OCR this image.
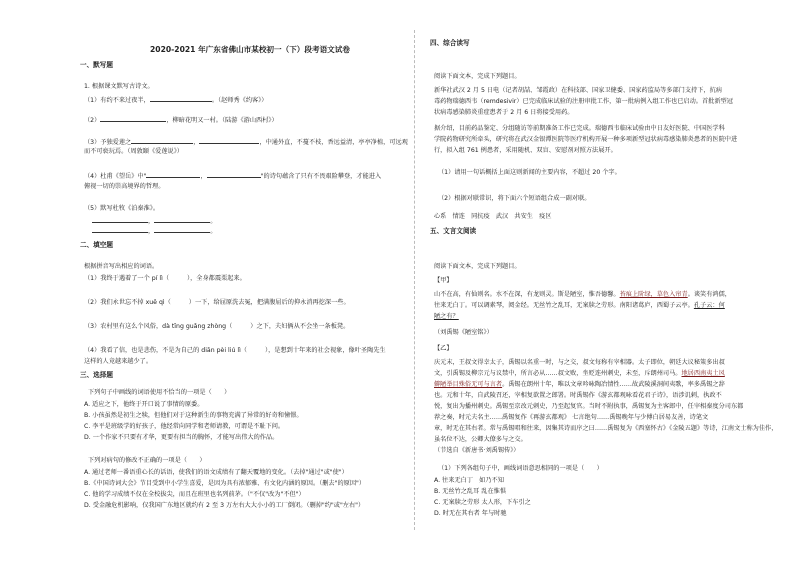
2020-2021 年广东省佛山市某校初一（下）段考语文试卷
一、默写题
1. 根据课文默写古诗文。
（1）有约不来过夜半，	。（赵师秀《约客》）
（2）	，柳暗花明又一村。（陆游《游山西村》）
（3）予独爱莲之	，	，中通外直，不蔓不枝，香远益清，亭亭净植，可远观
而不可亵玩焉。（周敦颐《爱莲说》）
（4）杜甫《望岳》中"	，	"的诗句蕴含了只有不畏艰险攀登，才能进入
俯视一切的崇高境界的哲理。
（5）默写杜牧《泊秦淮》。
，	。
，	。
二、填空题
根据拼音写出相应的词语。
（1）我终于遇着了一个 pí lì（	），全身都震栗起来。
（2）我们永世忘不掉 xuě qì（	）一下，给屈原洗去冤，把满腹屈后的抑永消再挖深一些。
（3）农村里有这么个风俗，dà tīng guǎng zhòng（	）之下，夫妇俩从不会坐一条板凳。
（4）我看了信，也是悲伤，不是为自己的 diān pèi liú lì（	），是想到十年来的社会视象，像叶圣陶先生
这样的人竟越来越少了。
三、选择题
下列句子中画线的词语使用不恰当的一项是（　　）
A. 适应之下，他终于开口说了事情的原委。
B. 小孩虽然是初生之犊，但他们对于这种新生的事物充满了异常的好奇和憧憬。
C. 李平是班级学的好孩子，他经常向同学和老师请教，可谓是不耻下问。
D. 一个作家不只要有才华，更要有担当的胸怀，才能写出伟大的作品。
下列对病句的修改不正确的一项是（　　）
A. 通过老师一番语重心长的话语，使我们的语文成绩有了翻天覆地的变化。（去掉"通过"或"使"）
B.《中国诗词大会》节目受到中小学生喜爱，是因为具有浓郁雅、有文化内涵的原因。（删去"的原因"）
C. 他的学习成绩不仅在全校拔尖，而且在班里也名列前茅。（"不仅"改为"不但"）
D. 受金融危机影响，仅我国广东地区就约有 2 至 3 万左右大大小小的工厂倒闭。（删掉"约"或"左右"）
四、综合读写
阅读下面文本，完成下列题目。
新华社武汉 2 月 5 日电（记者胡喆、邹霞政）在科技部、国家卫健委、国家药监局等多部门支持下，抗病
毒药物瑞德西韦（remdesivir）已完成临床试验的注册审批工作，第一批病例入组工作也已启动。首批新型冠
状病毒感染肺炎重症患者于 2 月 6 日将接受用药。
据介绍，目前药品鉴定、分组随访等前期准备工作已完成。瑞德西韦临床试验由中日友好医院、中国医学科
学院药物研究所牵头，研究将在武汉金银潭医院等医疗机构开展一种多项新型冠状病毒感染肺炎患者的医院中进
行，拟入组 761 例患者，采用随机、双盲、安慰剂对照方法展开。
（1）请用一句话概括上面这则新闻的主要内容，不超过 20 个字。
（2）根据对联常识，将下面六个短语组合成一副对联。
心系　情连　同抗疫　武汉　共安生　疫区
五、文言文阅读
阅读下面文本，完成下列题目。
【甲】
山不在高，有仙则名。水不在深，有龙则灵。斯是陋室，惟吾德馨。苔痕上阶绿，草色入帘青。谈笑有鸿儒，
往来无白丁。可以调素琴，阅金经。无丝竹之乱耳，无案牍之劳形。南阳诸葛庐，西蜀子云亭。孔子云：何
陋之有？
（刘禹锡《陋室铭》）
【乙】
庆元末，王叔文得幸太子，禹锡以名重一时，与之交，叔文每称有宰相器。太子即位，朝廷大议秘策多出叔
文，引禹锡及柳宗元与议禁中，所言必从……叔文败，坐贬连州刺史，未至，斥朗州司马。地居西南夷土风
僻陋举目殊俗无可与言者。禹锡在朗州十年，唯以文章吟咏陶冶情性……故武陵溪洞间夷歌，率多禹锡之辞
也。元和十年，自武陵召还，宰相复欲置之郎署。时禹锡作《游玄都观咏看花君子诗》，语涉讥刺，执政不
悦，复出为播州刺史。禹锡至京改元刺史，乃至起复官。当时不附执事，禹锡复为主客郎中，任宰相秦度分司东都
荐之奏，时元夫名主……禹锡复作《再游玄都观》 七言绝句……禹锡晚年与少傅白居易友善，诗笔文
章，时无在其右者。常与禹锡唱和往来，因集其诗而序之曰……禹锡复为《西塞怀古》《金陵五题》等诗，江南文士称为佳作，
虽名位不达，公卿大僚多与之交。
（节选自《新唐书·刘禹锡传》）
（1）下列各组句子中，画线词语意思相同的一项是（　　）
A. 往来无白丁　如乃不知
B. 无丝竹之乱耳 乱在惟惧
C. 无案牍之劳形 太人形，下车引之
D. 时无在其右者 年与时驰
